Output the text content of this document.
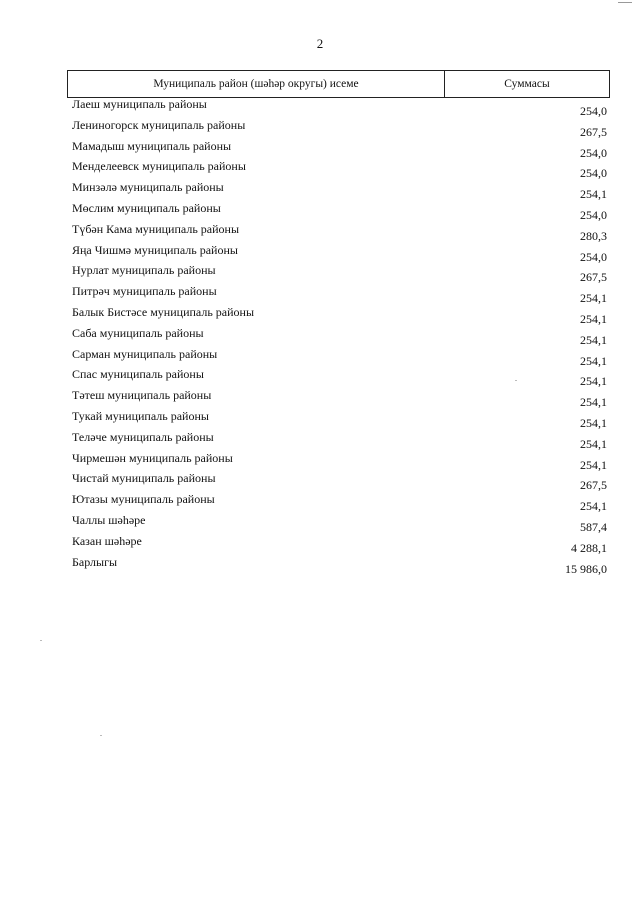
2
Муниципаль район (шәһәр округы) исеме	Суммасы
Лаеш муниципаль районы	254,0
Лениногорск муниципаль районы	267,5
Мамадыш муниципаль районы	254,0
Менделеевск муниципаль районы	254,0
Минзәлә муниципаль районы	254,1
Мөслим муниципаль районы	254,0
Түбән Кама муниципаль районы	280,3
Яңа Чишмә муниципаль районы	254,0
Нурлат муниципаль районы	267,5
Питрәч муниципаль районы	254,1
Балык Бистәсе муниципаль районы	254,1
Саба муниципаль районы	254,1
Сарман муниципаль районы	254,1
Спас муниципаль районы	254,1
Тәтеш муниципаль районы	254,1
Тукай муниципаль районы	254,1
Теләче муниципаль районы	254,1
Чирмешән муниципаль районы	254,1
Чистай муниципаль районы	267,5
Ютазы муниципаль районы	254,1
Чаллы шәһәре	587,4
Казан шәһәре	4 288,1
Барлыгы	15 986,0
